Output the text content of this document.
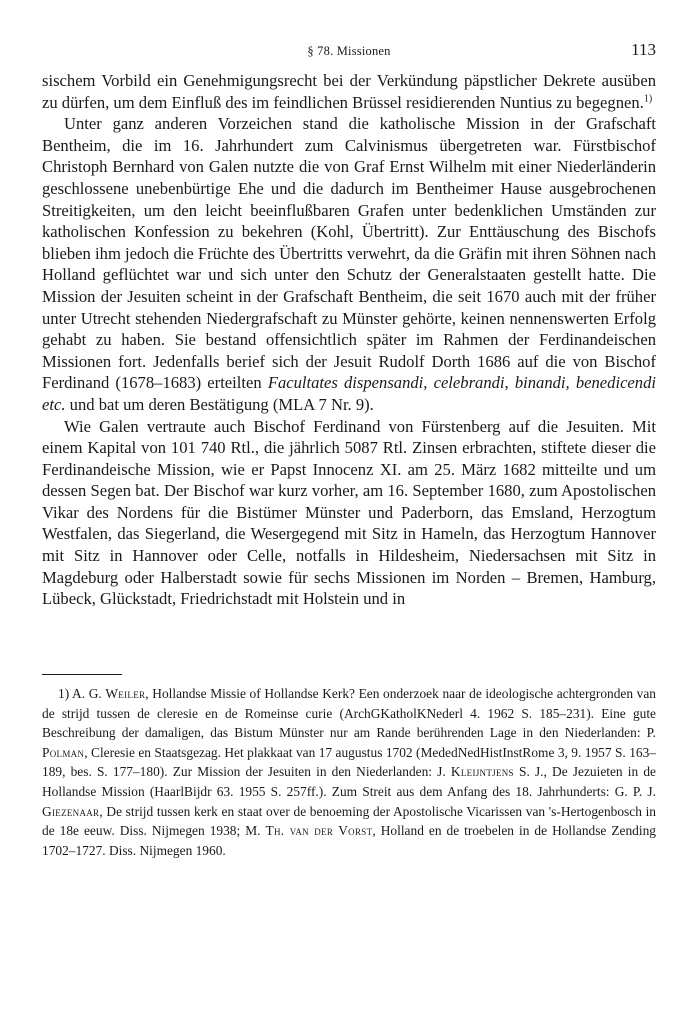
§ 78. Missionen	113

sischem Vorbild ein Genehmigungsrecht bei der Verkündung päpstlicher Dekrete ausüben zu dürfen, um dem Einfluß des im feindlichen Brüssel residierenden Nuntius zu begegnen.$^{1)}$

Unter ganz anderen Vorzeichen stand die katholische Mission in der Grafschaft Bentheim, die im 16. Jahrhundert zum Calvinismus übergetreten war. Fürstbischof Christoph Bernhard von Galen nutzte die von Graf Ernst Wilhelm mit einer Niederländerin geschlossene unebenbürtige Ehe und die dadurch im Bentheimer Hause ausgebrochenen Streitigkeiten, um den leicht beeinflußbaren Grafen unter bedenklichen Umständen zur katholischen Konfession zu bekehren (Kohl, Übertritt). Zur Enttäuschung des Bischofs blieben ihm jedoch die Früchte des Übertritts verwehrt, da die Gräfin mit ihren Söhnen nach Holland geflüchtet war und sich unter den Schutz der Generalstaaten gestellt hatte. Die Mission der Jesuiten scheint in der Grafschaft Bentheim, die seit 1670 auch mit der früher unter Utrecht stehenden Niedergrafschaft zu Münster gehörte, keinen nennenswerten Erfolg gehabt zu haben. Sie bestand offensichtlich später im Rahmen der Ferdinandeischen Missionen fort. Jedenfalls berief sich der Jesuit Rudolf Dorth 1686 auf die von Bischof Ferdinand (1678–1683) erteilten Facultates dispensandi, celebrandi, binandi, benedicendi etc. und bat um deren Bestätigung (MLA 7 Nr. 9).

Wie Galen vertraute auch Bischof Ferdinand von Fürstenberg auf die Jesuiten. Mit einem Kapital von 101 740 Rtl., die jährlich 5087 Rtl. Zinsen erbrachten, stiftete dieser die Ferdinandeische Mission, wie er Papst Innocenz XI. am 25. März 1682 mitteilte und um dessen Segen bat. Der Bischof war kurz vorher, am 16. September 1680, zum Apostolischen Vikar des Nordens für die Bistümer Münster und Paderborn, das Emsland, Herzogtum Westfalen, das Siegerland, die Wesergegend mit Sitz in Hameln, das Herzogtum Hannover mit Sitz in Hannover oder Celle, notfalls in Hildesheim, Niedersachsen mit Sitz in Magdeburg oder Halberstadt sowie für sechs Missionen im Norden – Bremen, Hamburg, Lübeck, Glückstadt, Friedrichstadt mit Holstein und in

1) A. G. Weiler, Hollandse Missie of Hollandse Kerk? Een onderzoek naar de ideologische achtergronden van de strijd tussen de cleresie en de Romeinse curie (ArchGKatholKNederl 4. 1962 S. 185–231). Eine gute Beschreibung der damaligen, das Bistum Münster nur am Rande berührenden Lage in den Niederlanden: P. Polman, Cleresie en Staatsgezag. Het plakkaat van 17 augustus 1702 (MededNedHistInstRome 3, 9. 1957 S. 163–189, bes. S. 177–180). Zur Mission der Jesuiten in den Niederlanden: J. Kleijntjens S. J., De Jezuieten in de Hollandse Mission (HaarlBijdr 63. 1955 S. 257ff.). Zum Streit aus dem Anfang des 18. Jahrhunderts: G. P. J. Giezenaar, De strijd tussen kerk en staat over de benoeming der Apostolische Vicarissen van 's-Hertogenbosch in de 18e eeuw. Diss. Nijmegen 1938; M. Th. van der Vorst, Holland en de troebelen in de Hollandse Zending 1702–1727. Diss. Nijmegen 1960.
